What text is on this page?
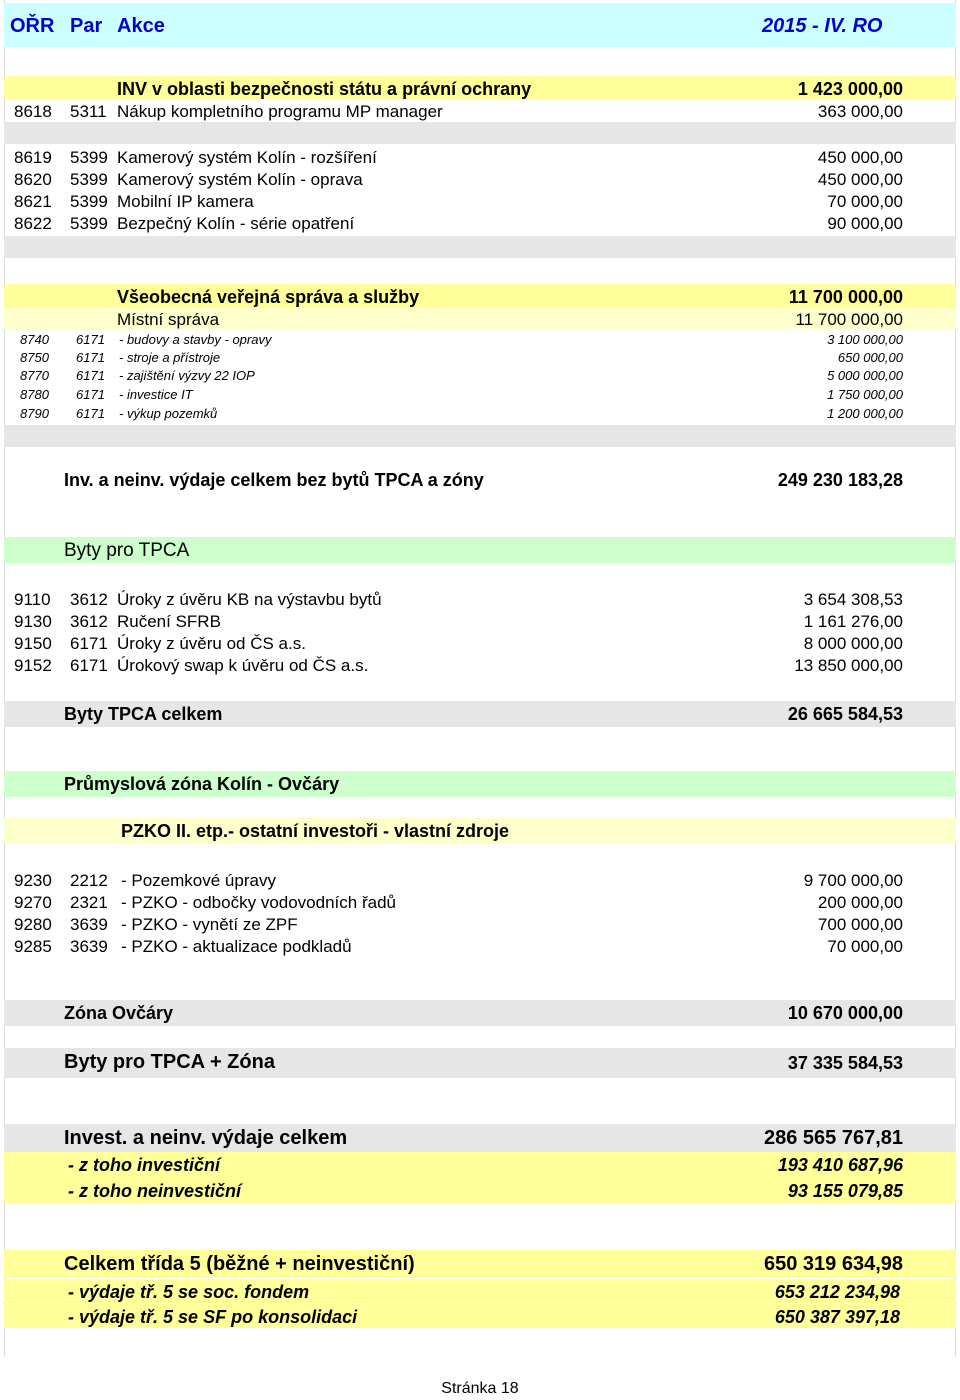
OŘR Par Akce	2015 - IV. RO
INV v oblasti bezpečnosti státu a právní ochrany	1 423 000,00
8618 5311 Nákup kompletního programu MP manager	363 000,00
8619 5399 Kamerový systém Kolín - rozšíření	450 000,00
8620 5399 Kamerový systém Kolín - oprava	450 000,00
8621 5399 Mobilní IP kamera	70 000,00
8622 5399 Bezpečný Kolín - série opatření	90 000,00
Všeobecná veřejná správa a služby	11 700 000,00
Místní správa	11 700 000,00
8740 6171 - budovy a stavby - opravy	3 100 000,00
8750 6171 - stroje a přístroje	650 000,00
8770 6171 - zajištění výzvy 22 IOP	5 000 000,00
8780 6171 - investice IT	1 750 000,00
8790 6171 - výkup pozemků	1 200 000,00
Inv. a neinv. výdaje celkem bez bytů TPCA a zóny	249 230 183,28
Byty pro TPCA
9110 3612 Úroky z úvěru KB na výstavbu bytů	3 654 308,53
9130 3612 Ručení SFRB	1 161 276,00
9150 6171 Úroky z úvěru od ČS a.s.	8 000 000,00
9152 6171 Úrokový swap k úvěru od ČS a.s.	13 850 000,00
Byty TPCA celkem	26 665 584,53
Průmyslová zóna Kolín - Ovčáry
PZKO II. etp.- ostatní investoři - vlastní zdroje
9230 2212 - Pozemkové úpravy	9 700 000,00
9270 2321 - PZKO - odbočky vodovodních řadů	200 000,00
9280 3639 - PZKO - vynětí ze ZPF	700 000,00
9285 3639 - PZKO - aktualizace podkladů	70 000,00
Zóna Ovčáry	10 670 000,00
Byty pro TPCA + Zóna	37 335 584,53
Invest. a neinv. výdaje celkem	286 565 767,81
- z toho investiční	193 410 687,96
- z toho neinvestiční	93 155 079,85
Celkem třída 5 (běžné + neinvestiční)	650 319 634,98
- výdaje tř. 5 se soc. fondem	653 212 234,98
- výdaje tř. 5 se SF po konsolidaci	650 387 397,18
Stránka 18
